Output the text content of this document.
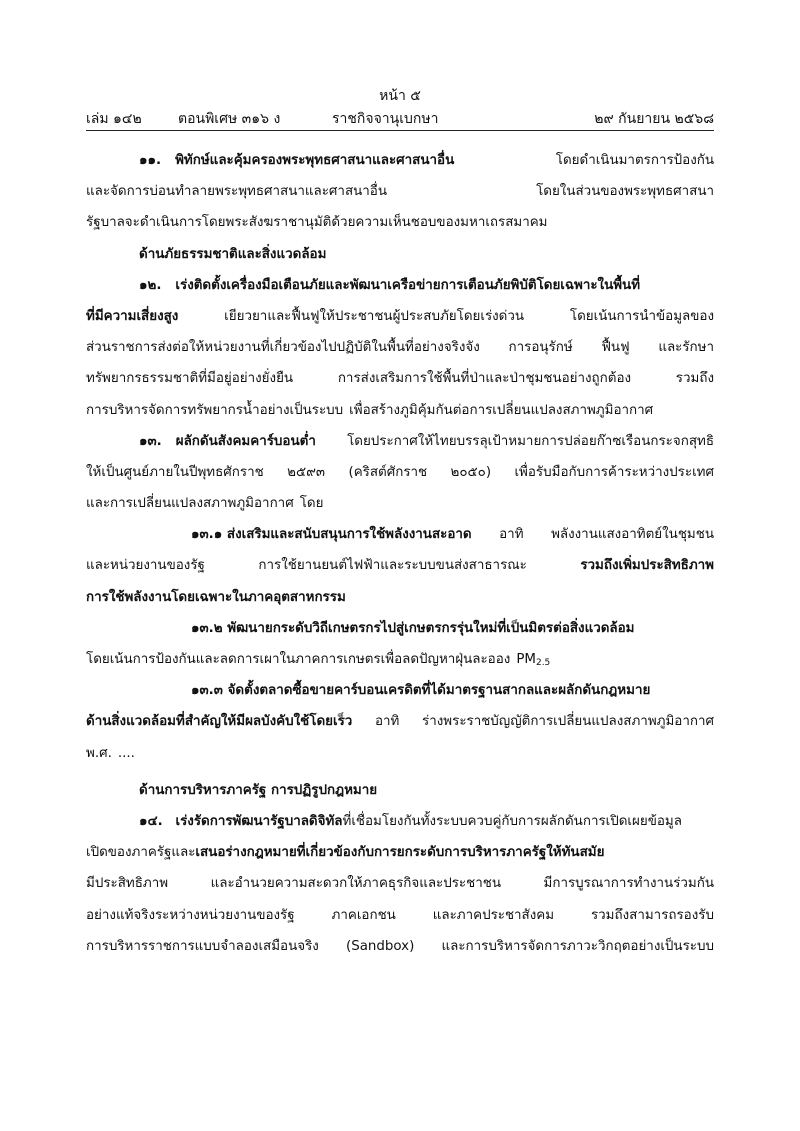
หน้า ๕
เล่ม ๑๔๒	ตอนพิเศษ ๓๑๖ ง	ราชกิจจานุเบกษา	๒๙ กันยายน ๒๕๖๘
๑๑. พิทักษ์และคุ้มครองพระพุทธศาสนาและศาสนาอื่น	โดยดำเนินมาตรการป้องกัน
และจัดการบ่อนทำลายพระพุทธศาสนาและศาสนาอื่น	โดยในส่วนของพระพุทธศาสนา
รัฐบาลจะดำเนินการโดยพระสังฆราชานุมัติด้วยความเห็นชอบของมหาเถรสมาคม
ด้านภัยธรรมชาติและสิ่งแวดล้อม
๑๒. เร่งติดตั้งเครื่องมือเตือนภัยและพัฒนาเครือข่ายการเตือนภัยพิบัติโดยเฉพาะในพื้นที่
ที่มีความเสี่ยงสูง	เยียวยาและฟื้นฟูให้ประชาชนผู้ประสบภัยโดยเร่งด่วน	โดยเน้นการนำข้อมูลของ
ส่วนราชการส่งต่อให้หน่วยงานที่เกี่ยวข้องไปปฏิบัติในพื้นที่อย่างจริงจัง การอนุรักษ์ ฟื้นฟู และรักษา
ทรัพยากรธรรมชาติที่มีอยู่อย่างยั่งยืน	การส่งเสริมการใช้พื้นที่ป่าและป่าชุมชนอย่างถูกต้อง	รวมถึง
การบริหารจัดการทรัพยากรน้ำอย่างเป็นระบบ เพื่อสร้างภูมิคุ้มกันต่อการเปลี่ยนแปลงสภาพภูมิอากาศ
๑๓. ผลักดันสังคมคาร์บอนต่ำ โดยประกาศให้ไทยบรรลุเป้าหมายการปล่อยก๊าซเรือนกระจกสุทธิ
ให้เป็นศูนย์ภายในปีพุทธศักราช ๒๕๙๓ (คริสต์ศักราช ๒๐๕๐) เพื่อรับมือกับการค้าระหว่างประเทศ
และการเปลี่ยนแปลงสภาพภูมิอากาศ โดย
๑๓.๑ ส่งเสริมและสนับสนุนการใช้พลังงานสะอาด อาทิ พลังงานแสงอาทิตย์ในชุมชน
และหน่วยงานของรัฐ	การใช้ยานยนต์ไฟฟ้าและระบบขนส่งสาธารณะ	รวมถึงเพิ่มประสิทธิภาพ
การใช้พลังงานโดยเฉพาะในภาคอุตสาหกรรม
๑๓.๒ พัฒนายกระดับวิถีเกษตรกรไปสู่เกษตรกรรุ่นใหม่ที่เป็นมิตรต่อสิ่งแวดล้อม
โดยเน้นการป้องกันและลดการเผาในภาคการเกษตรเพื่อลดปัญหาฝุ่นละออง $PM_{2.5}$
๑๓.๓ จัดตั้งตลาดซื้อขายคาร์บอนเครดิตที่ได้มาตรฐานสากลและผลักดันกฎหมาย
ด้านสิ่งแวดล้อมที่สำคัญให้มีผลบังคับใช้โดยเร็ว อาทิ ร่างพระราชบัญญัติการเปลี่ยนแปลงสภาพภูมิอากาศ
พ.ศ. ....
ด้านการบริหารภาครัฐ การปฏิรูปกฎหมาย
๑๔. เร่งรัดการพัฒนารัฐบาลดิจิทัลที่เชื่อมโยงกันทั้งระบบควบคู่กับการผลักดันการเปิดเผยข้อมูล
เปิดของภาครัฐและเสนอร่างกฎหมายที่เกี่ยวข้องกับการยกระดับการบริหารภาครัฐให้ทันสมัย
มีประสิทธิภาพ	และอำนวยความสะดวกให้ภาคธุรกิจและประชาชน	มีการบูรณาการทำงานร่วมกัน
อย่างแท้จริงระหว่างหน่วยงานของรัฐ	ภาคเอกชน	และภาคประชาสังคม	รวมถึงสามารถรองรับ
การบริหารราชการแบบจำลองเสมือนจริง (Sandbox) และการบริหารจัดการภาวะวิกฤตอย่างเป็นระบบ
